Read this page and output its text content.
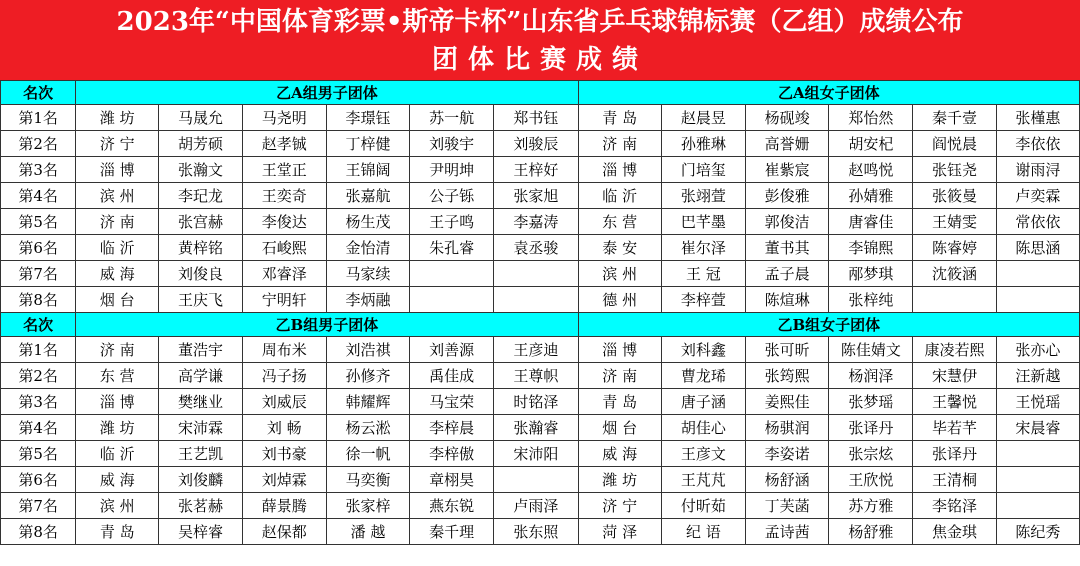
2023年“中国体育彩票•斯帝卡杯”山东省乒乓球锦标赛（乙组）成绩公布
团体比赛成绩
名次	乙A组男子团体						乙A组女子团体					
第1名	潍 坊	马晟允	马尧明	李璟钰	苏一航	郑书钰	青 岛	赵晨昱	杨砚竣	郑怡然	秦千壹	张槿惠
第2名	济 宁	胡芳硕	赵孝铖	丁梓健	刘骏宇	刘骏辰	济 南	孙雅琳	高誉姗	胡安杞	阎悦晨	李依依
第3名	淄 博	张瀚文	王堂正	王锦阔	尹明坤	王梓好	淄 博	门培玺	崔紫宸	赵鸣悦	张钰尧	谢雨浔
第4名	滨 州	李玘龙	王奕奇	张嘉航	公子铄	张家旭	临 沂	张翊萱	彭俊雅	孙婧雅	张筱曼	卢奕霖
第5名	济 南	张宫赫	李俊达	杨生茂	王子鸣	李嘉涛	东 营	巴芊墨	郭俊洁	唐睿佳	王婧雯	常依依
第6名	临 沂	黄梓铭	石峻熙	金怡清	朱孔睿	袁丞骏	泰 安	崔尔泽	董书其	李锦熙	陈睿婷	陈思涵
第7名	威 海	刘俊良	邓睿泽	马家续			滨 州	王 冠	孟子晨	邴梦琪	沈筱涵	
第8名	烟 台	王庆飞	宁明轩	李炳融			德 州	李梓萱	陈煊琳	张梓纯		
名次	乙B组男子团体						乙B组女子团体					
第1名	济 南	董浩宇	周布米	刘浩祺	刘善源	王彦迪	淄 博	刘科鑫	张可昕	陈佳婧文	康凌若熙	张亦心
第2名	东 营	高学谦	冯子扬	孙修齐	禹佳成	王尊帜	济 南	曹龙琋	张筠熙	杨润泽	宋慧伊	汪新越
第3名	淄 博	樊继业	刘威辰	韩耀辉	马宝荣	时铭泽	青 岛	唐子涵	姜熙佳	张梦瑶	王馨悦	王悦瑶
第4名	潍 坊	宋沛霖	刘 畅	杨云淞	李梓晨	张瀚睿	烟 台	胡佳心	杨骐润	张译丹	毕若芊	宋晨睿
第5名	临 沂	王艺凯	刘书豪	徐一帆	李梓傲	宋沛阳	威 海	王彦文	李姿诺	张宗炫	张译丹	
第6名	威 海	刘俊麟	刘焯霖	马奕衡	章栩昊		潍 坊	王芃芃	杨舒涵	王欣悦	王清桐	
第7名	滨 州	张茗赫	薛景腾	张家梓	燕东锐	卢雨泽	济 宁	付昕茹	丁芙菡	苏方雅	李铭泽	
第8名	青 岛	吴梓睿	赵保都	潘 越	秦千理	张东照	菏 泽	纪 语	孟诗茜	杨舒雅	焦金琪	陈纪秀
